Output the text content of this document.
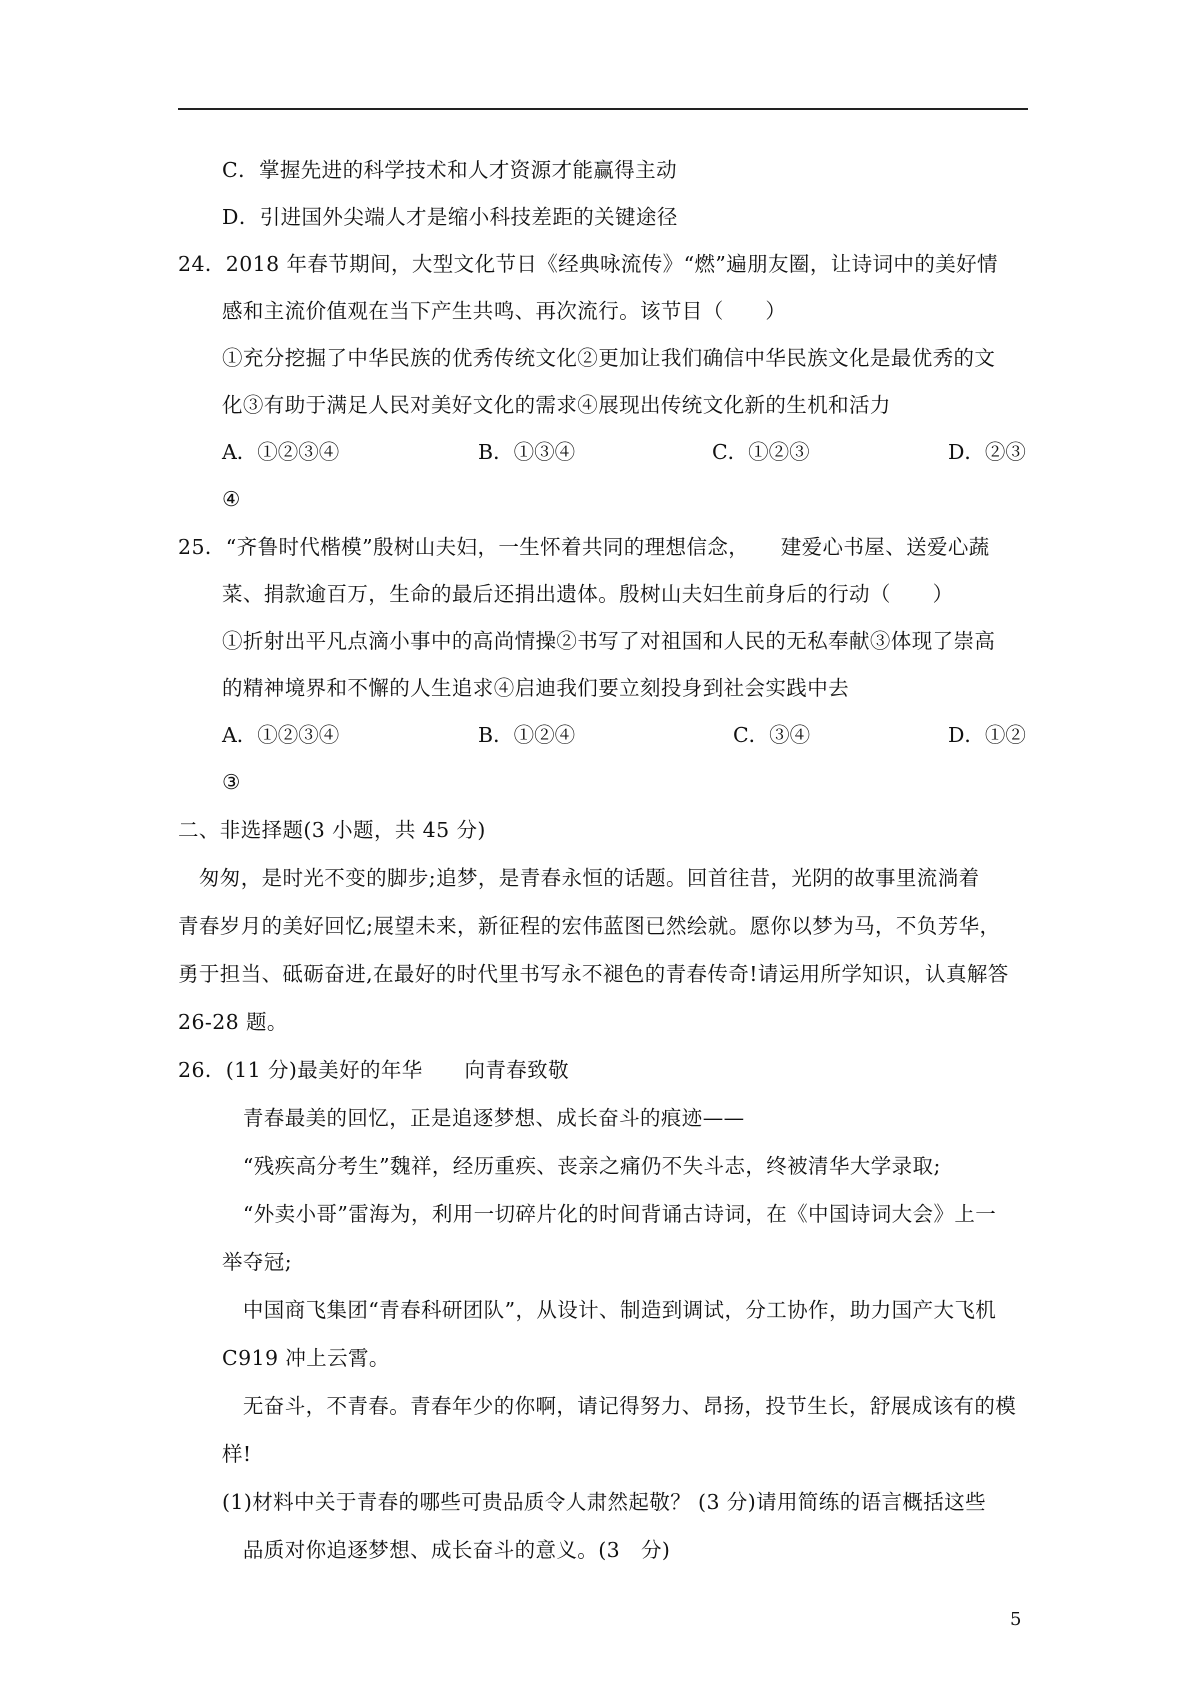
C．掌握先进的科学技术和人才资源才能赢得主动
D．引进国外尖端人才是缩小科技差距的关键途径
24．2018 年春节期间，大型文化节日《经典咏流传》“燃”遍朋友圈，让诗词中的美好情
感和主流价值观在当下产生共鸣、再次流行。该节目（　　）
①充分挖掘了中华民族的优秀传统文化②更加让我们确信中华民族文化是最优秀的文
化③有助于满足人民对美好文化的需求④展现出传统文化新的生机和活力
A．①②③④	B．①③④	C．①②③	D．②③
④
25．“齐鲁时代楷模”殷树山夫妇，一生怀着共同的理想信念，　　建爱心书屋、送爱心蔬
菜、捐款逾百万，生命的最后还捐出遗体。殷树山夫妇生前身后的行动（　　）
①折射出平凡点滴小事中的高尚情操②书写了对祖国和人民的无私奉献③体现了崇高
的精神境界和不懈的人生追求④启迪我们要立刻投身到社会实践中去
A．①②③④	B．①②④	C．③④	D．①②
③
二、非选择题(3 小题，共 45 分)
　匆匆，是时光不变的脚步;追梦，是青春永恒的话题。回首往昔，光阴的故事里流淌着
青春岁月的美好回忆;展望未来，新征程的宏伟蓝图已然绘就。愿你以梦为马，不负芳华，
勇于担当、砥砺奋进,在最好的时代里书写永不褪色的青春传奇!请运用所学知识，认真解答
26-28 题。
26．(11 分)最美好的年华　　向青春致敬
　青春最美的回忆，正是追逐梦想、成长奋斗的痕迹——
　“残疾高分考生”魏祥，经历重疾、丧亲之痛仍不失斗志，终被清华大学录取;
　“外卖小哥”雷海为，利用一切碎片化的时间背诵古诗词，在《中国诗词大会》上一
举夺冠;
　中国商飞集团“青春科研团队”，从设计、制造到调试，分工协作，助力国产大飞机
C919 冲上云霄。
　无奋斗，不青春。青春年少的你啊，请记得努力、昂扬，投节生长，舒展成该有的模
样!
(1)材料中关于青春的哪些可贵品质令人肃然起敬？ (3 分)请用简练的语言概括这些
　品质对你追逐梦想、成长奋斗的意义。(3　分)
5
